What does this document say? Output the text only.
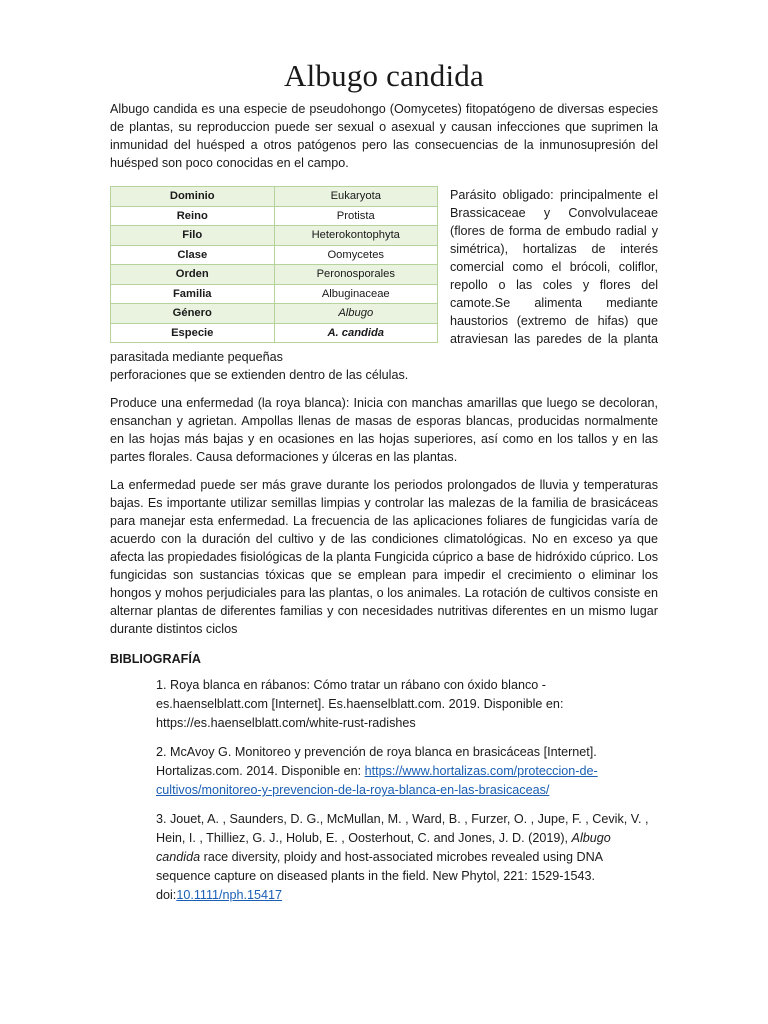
Albugo candida

Albugo candida es una especie de pseudohongo (Oomycetes) fitopatógeno de diversas especies de plantas, su reproduccion puede ser sexual o asexual y causan infecciones que suprimen la inmunidad del huésped a otros patógenos pero las consecuencias de la inmunosupresión del huésped son poco conocidas en el campo.

Dominio	Eukaryota
Reino	Protista
Filo	Heterokontophyta
Clase	Oomycetes
Orden	Peronosporales
Familia	Albuginaceae
Género	Albugo
Especie	A. candida

Parásito obligado: principalmente el Brassicaceae y Convolvulaceae (flores de forma de embudo radial y simétrica), hortalizas de interés comercial como el brócoli, coliflor, repollo o las coles y flores del camote.Se alimenta mediante haustorios (extremo de hifas) que atraviesan las paredes de la planta parasitada mediante pequeñas

perforaciones que se extienden dentro de las células.

Produce una enfermedad (la roya blanca): Inicia con manchas amarillas que luego se decoloran, ensanchan y agrietan. Ampollas llenas de masas de esporas blancas, producidas normalmente en las hojas más bajas y en ocasiones en las hojas superiores, así como en los tallos y en las partes florales. Causa deformaciones y úlceras en las plantas.

La enfermedad puede ser más grave durante los periodos prolongados de lluvia y temperaturas bajas. Es importante utilizar semillas limpias y controlar las malezas de la familia de brasicáceas para manejar esta enfermedad. La frecuencia de las aplicaciones foliares de fungicidas varía de acuerdo con la duración del cultivo y de las condiciones climatológicas. No en exceso ya que afecta las propiedades fisiológicas de la planta Fungicida cúprico a base de hidróxido cúprico. Los fungicidas son sustancias tóxicas que se emplean para impedir el crecimiento o eliminar los hongos y mohos perjudiciales para las plantas, o los animales. La rotación de cultivos consiste en alternar plantas de diferentes familias y con necesidades nutritivas diferentes en un mismo lugar durante distintos ciclos

BIBLIOGRAFÍA
1. Roya blanca en rábanos: Cómo tratar un rábano con óxido blanco - es.haenselblatt.com [Internet]. Es.haenselblatt.com. 2019. Disponible en: https://es.haenselblatt.com/white-rust-radishes
2. McAvoy G. Monitoreo y prevención de roya blanca en brasicáceas [Internet]. Hortalizas.com. 2014. Disponible en: https://www.hortalizas.com/proteccion-de-cultivos/monitoreo-y-prevencion-de-la-roya-blanca-en-las-brasicaceas/
3. Jouet, A. , Saunders, D. G., McMullan, M. , Ward, B. , Furzer, O. , Jupe, F. , Cevik, V. , Hein, I. , Thilliez, G. J., Holub, E. , Oosterhout, C. and Jones, J. D. (2019), Albugo candida race diversity, ploidy and host‐associated microbes revealed using DNA sequence capture on diseased plants in the field. New Phytol, 221: 1529-1543. doi:10.1111/nph.15417
